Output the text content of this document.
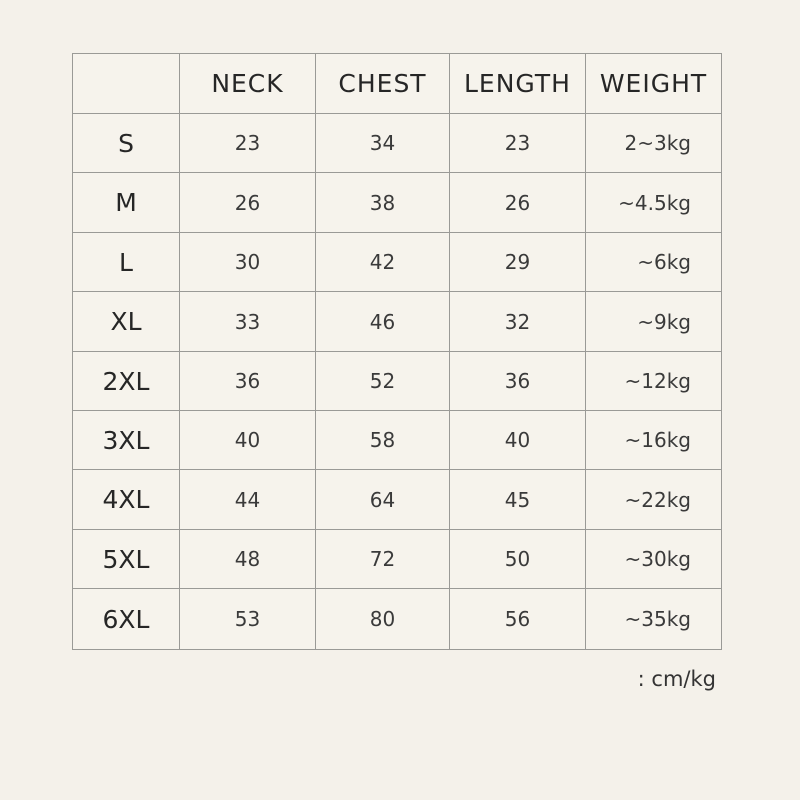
	NECK	CHEST	LENGTH	WEIGHT
S	23	34	23	2~3kg
M	26	38	26	~4.5kg
L	30	42	29	~6kg
XL	33	46	32	~9kg
2XL	36	52	36	~12kg
3XL	40	58	40	~16kg
4XL	44	64	45	~22kg
5XL	48	72	50	~30kg
6XL	53	80	56	~35kg
: cm/kg
